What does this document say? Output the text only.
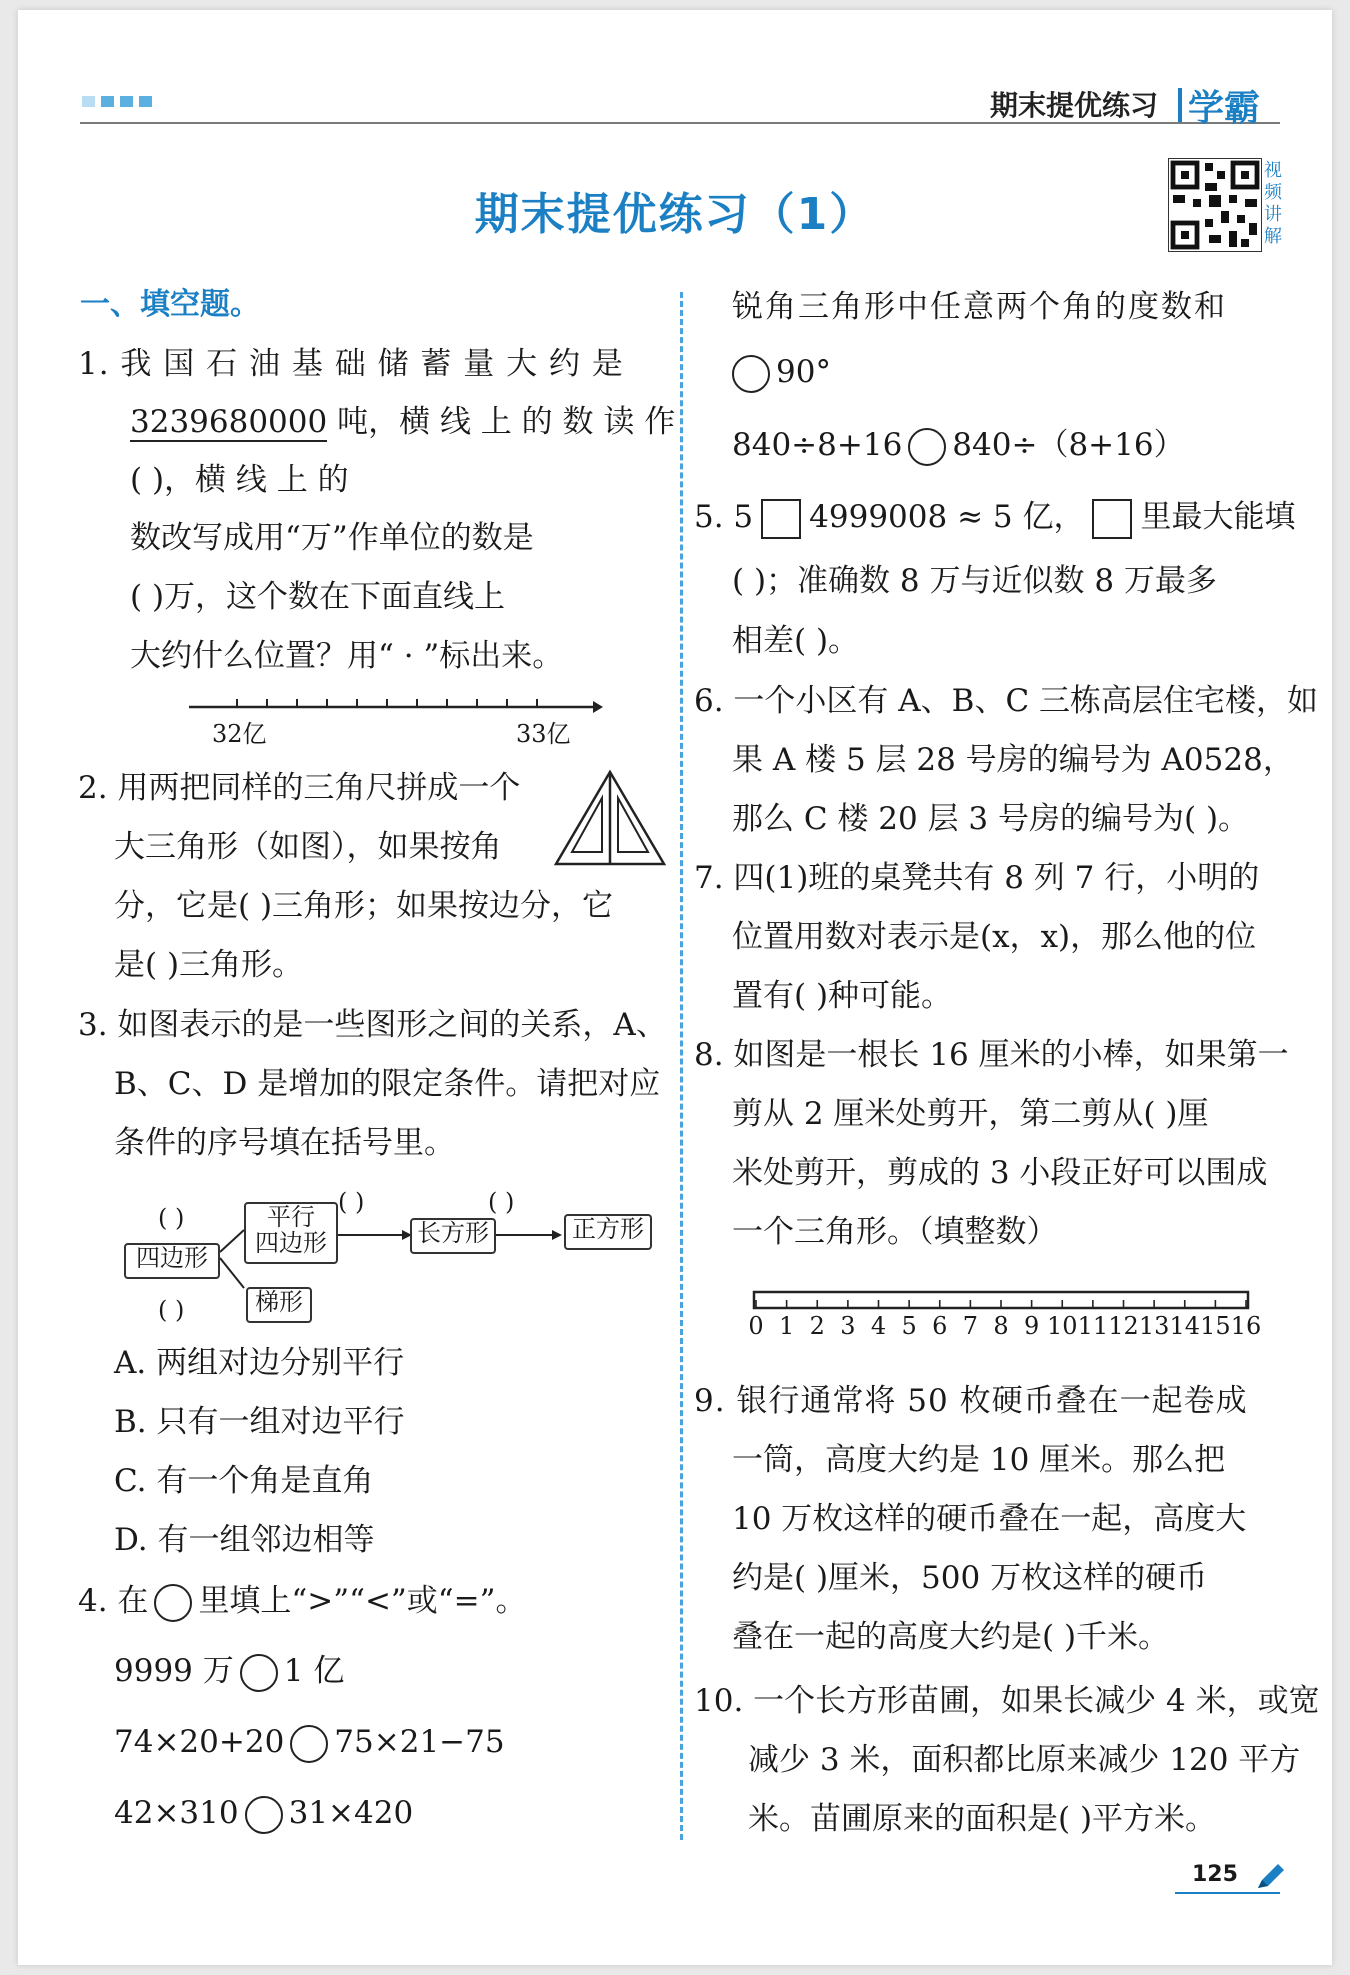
期末提优练习 学霸
期末提优练习（1）
视频讲解
一、填空题。
1. 我 国 石 油 基 础 储 蓄 量 大 约 是
3239680000 吨，横 线 上 的 数 读 作
( )，横 线 上 的
数改写成用“万”作单位的数是
( )万，这个数在下面直线上
大约什么位置？用“ · ”标出来。
32亿	33亿
2. 用两把同样的三角尺拼成一个
大三角形（如图），如果按角
分，它是( )三角形；如果按边分，它
是( )三角形。
3. 如图表示的是一些图形之间的关系，A、
B、C、D 是增加的限定条件。请把对应
条件的序号填在括号里。
四边形
平行
四边形	长方形	正方形
梯形
( )
( )	( )
( )
A. 两组对边分别平行
B. 只有一组对边平行
C. 有一个角是直角
D. 有一组邻边相等
4. 在 里填上“>”“<”或“=”。
9999 万 1 亿
74×20+20 75×21−75
42×310 31×420
锐角三角形中任意两个角的度数和
90°
840÷8+16 840÷（8+16）
5. 5 4999008 ≈ 5 亿， 里最大能填
( )；准确数 8 万与近似数 8 万最多
相差( )。
6. 一个小区有 A、B、C 三栋高层住宅楼，如
果 A 楼 5 层 28 号房的编号为 A0528，
那么 C 楼 20 层 3 号房的编号为( )。
7. 四(1)班的桌凳共有 8 列 7 行，小明的
位置用数对表示是(x，x)，那么他的位
置有( )种可能。
8. 如图是一根长 16 厘米的小棒，如果第一
剪从 2 厘米处剪开，第二剪从( )厘
米处剪开，剪成的 3 小段正好可以围成
一个三角形。（填整数）
0 1 2 3 4 5 6 7 8 9 10 11 12 13 14 15 16
9. 银行通常将 50 枚硬币叠在一起卷成
一筒，高度大约是 10 厘米。那么把
10 万枚这样的硬币叠在一起，高度大
约是( )厘米，500 万枚这样的硬币
叠在一起的高度大约是( )千米。
10. 一个长方形苗圃，如果长减少 4 米，或宽
减少 3 米，面积都比原来减少 120 平方
米。苗圃原来的面积是( )平方米。
125
